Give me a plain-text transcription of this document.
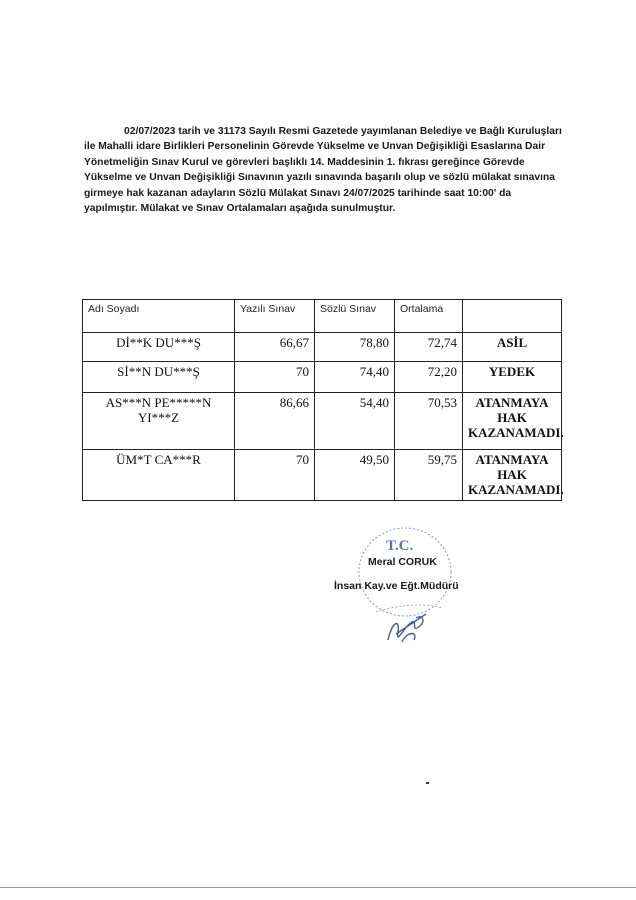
02/07/2023 tarih ve 31173 Sayılı Resmi Gazetede yayımlanan Belediye ve Bağlı Kuruluşları
ile Mahalli idare Birlikleri Personelinin Görevde Yükselme ve Unvan Değişikliği Esaslarına Dair
Yönetmeliğin Sınav Kurul ve görevleri başlıklı 14. Maddesinin 1. fıkrası gereğince Görevde
Yükselme ve Unvan Değişikliği Sınavının yazılı sınavında başarılı olup ve sözlü mülakat sınavına
girmeye hak kazanan adayların Sözlü Mülakat Sınavı 24/07/2025 tarihinde saat 10:00' da
yapılmıştır. Mülakat ve Sınav Ortalamaları aşağıda sunulmuştur.
Adı Soyadı	Yazılı Sınav	Sözlü Sınav	Ortalama	
Dİ**K DU***Ş	66,67	78,80	72,74	ASİL
Sİ**N DU***Ş	70	74,40	72,20	YEDEK
AS***N PE*****N YI***Z	86,66	54,40	70,53	ATANMAYA HAK KAZANAMADI.
ÜM*T CA***R	70	49,50	59,75	ATANMAYA HAK KAZANAMADI.
T.C.
Meral CORUK
İnsan Kay.ve Eğt.Müdürü
